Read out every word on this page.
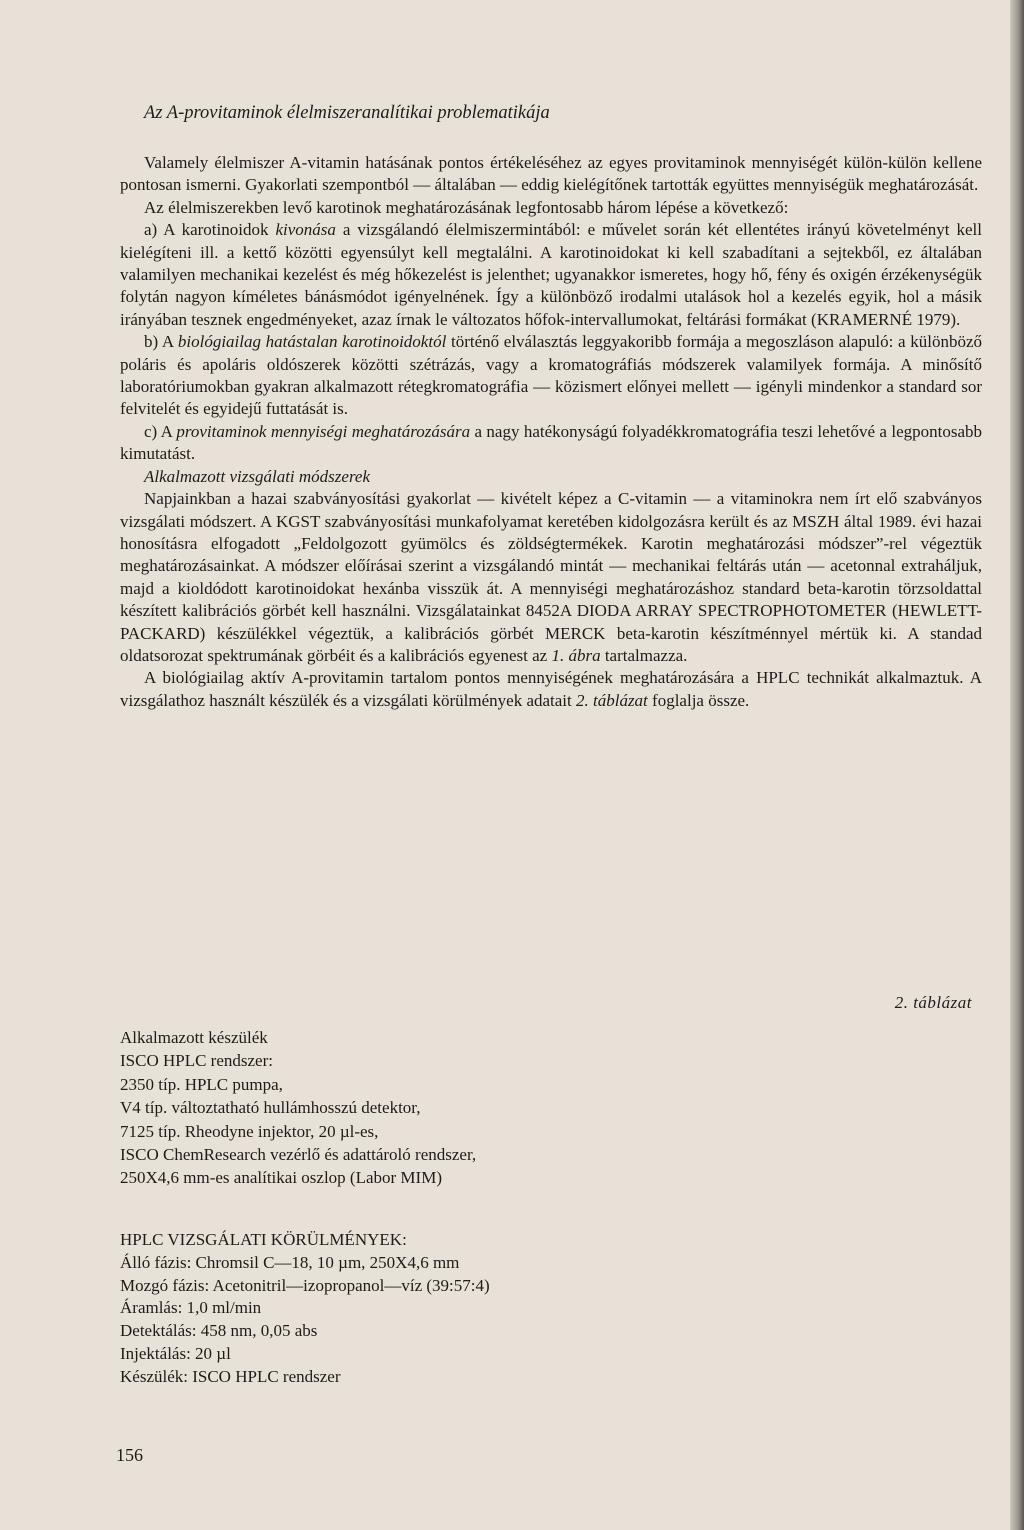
Az A-provitaminok élelmiszeranalítikai problematikája

Valamely élelmiszer A-vitamin hatásának pontos értékeléséhez az egyes provitaminok mennyiségét külön-külön kellene pontosan ismerni. Gyakorlati szempontból — általában — eddig kielégítőnek tartották együttes mennyiségük meghatározását.

Az élelmiszerekben levő karotinok meghatározásának legfontosabb három lépése a következő:

a) A karotinoidok kivonása a vizsgálandó élelmiszermintából: e művelet során két ellentétes irányú követelményt kell kielégíteni ill. a kettő közötti egyensúlyt kell megtalálni. A karotinoidokat ki kell szabadítani a sejtekből, ez általában valamilyen mechanikai kezelést és még hőkezelést is jelenthet; ugyanakkor ismeretes, hogy hő, fény és oxigén érzékenységük folytán nagyon kíméletes bánásmódot igényelnének. Így a különböző irodalmi utalások hol a kezelés egyik, hol a másik irányában tesznek engedményeket, azaz írnak le változatos hőfok-intervallumokat, feltárási formákat (KRAMERNÉ 1979).

b) A biológiailag hatástalan karotinoidoktól történő elválasztás leggyakoribb formája a megoszláson alapuló: a különböző poláris és apoláris oldószerek közötti szétrázás, vagy a kromatográfiás módszerek valamilyek formája. A minősítő laboratóriumokban gyakran alkalmazott rétegkromatográfia — közismert előnyei mellett — igényli mindenkor a standard sor felvitelét és egyidejű futtatását is.

c) A provitaminok mennyiségi meghatározására a nagy hatékonyságú folyadékkromatográfia teszi lehetővé a legpontosabb kimutatást.

Alkalmazott vizsgálati módszerek

Napjainkban a hazai szabványosítási gyakorlat — kivételt képez a C-vitamin — a vitaminokra nem írt elő szabványos vizsgálati módszert. A KGST szabványosítási munkafolyamat keretében kidolgozásra került és az MSZH által 1989. évi hazai honosításra elfogadott „Feldolgozott gyümölcs és zöldségtermékek. Karotin meghatározási módszer”-rel végeztük meghatározásainkat. A módszer előírásai szerint a vizsgálandó mintát — mechanikai feltárás után — acetonnal extraháljuk, majd a kioldódott karotinoidokat hexánba visszük át. A mennyiségi meghatározáshoz standard beta-karotin törzsoldattal készített kalibrációs görbét kell használni. Vizsgálatainkat 8452A DIODA ARRAY SPECTROPHOTOMETER (HEWLETT-PACKARD) készülékkel végeztük, a kalibrációs görbét MERCK beta-karotin készítménnyel mértük ki. A standad oldatsorozat spektrumának görbéit és a kalibrációs egyenest az 1. ábra tartalmazza.

A biológiailag aktív A-provitamin tartalom pontos mennyiségének meghatározására a HPLC technikát alkalmaztuk. A vizsgálathoz használt készülék és a vizsgálati körülmények adatait 2. táblázat foglalja össze.

2. táblázat
Alkalmazott készülék
ISCO HPLC rendszer:
2350 típ. HPLC pumpa,
V4 típ. változtatható hullámhosszú detektor,
7125 típ. Rheodyne injektor, 20 µl-es,
ISCO ChemResearch vezérlő és adattároló rendszer,
250X4,6 mm-es analítikai oszlop (Labor MIM)
HPLC VIZSGÁLATI KÖRÜLMÉNYEK:
Álló fázis: Chromsil C—18, 10 µm, 250X4,6 mm
Mozgó fázis: Acetonitril—izopropanol—víz (39:57:4)
Áramlás: 1,0 ml/min
Detektálás: 458 nm, 0,05 abs
Injektálás: 20 µl
Készülék: ISCO HPLC rendszer
156
